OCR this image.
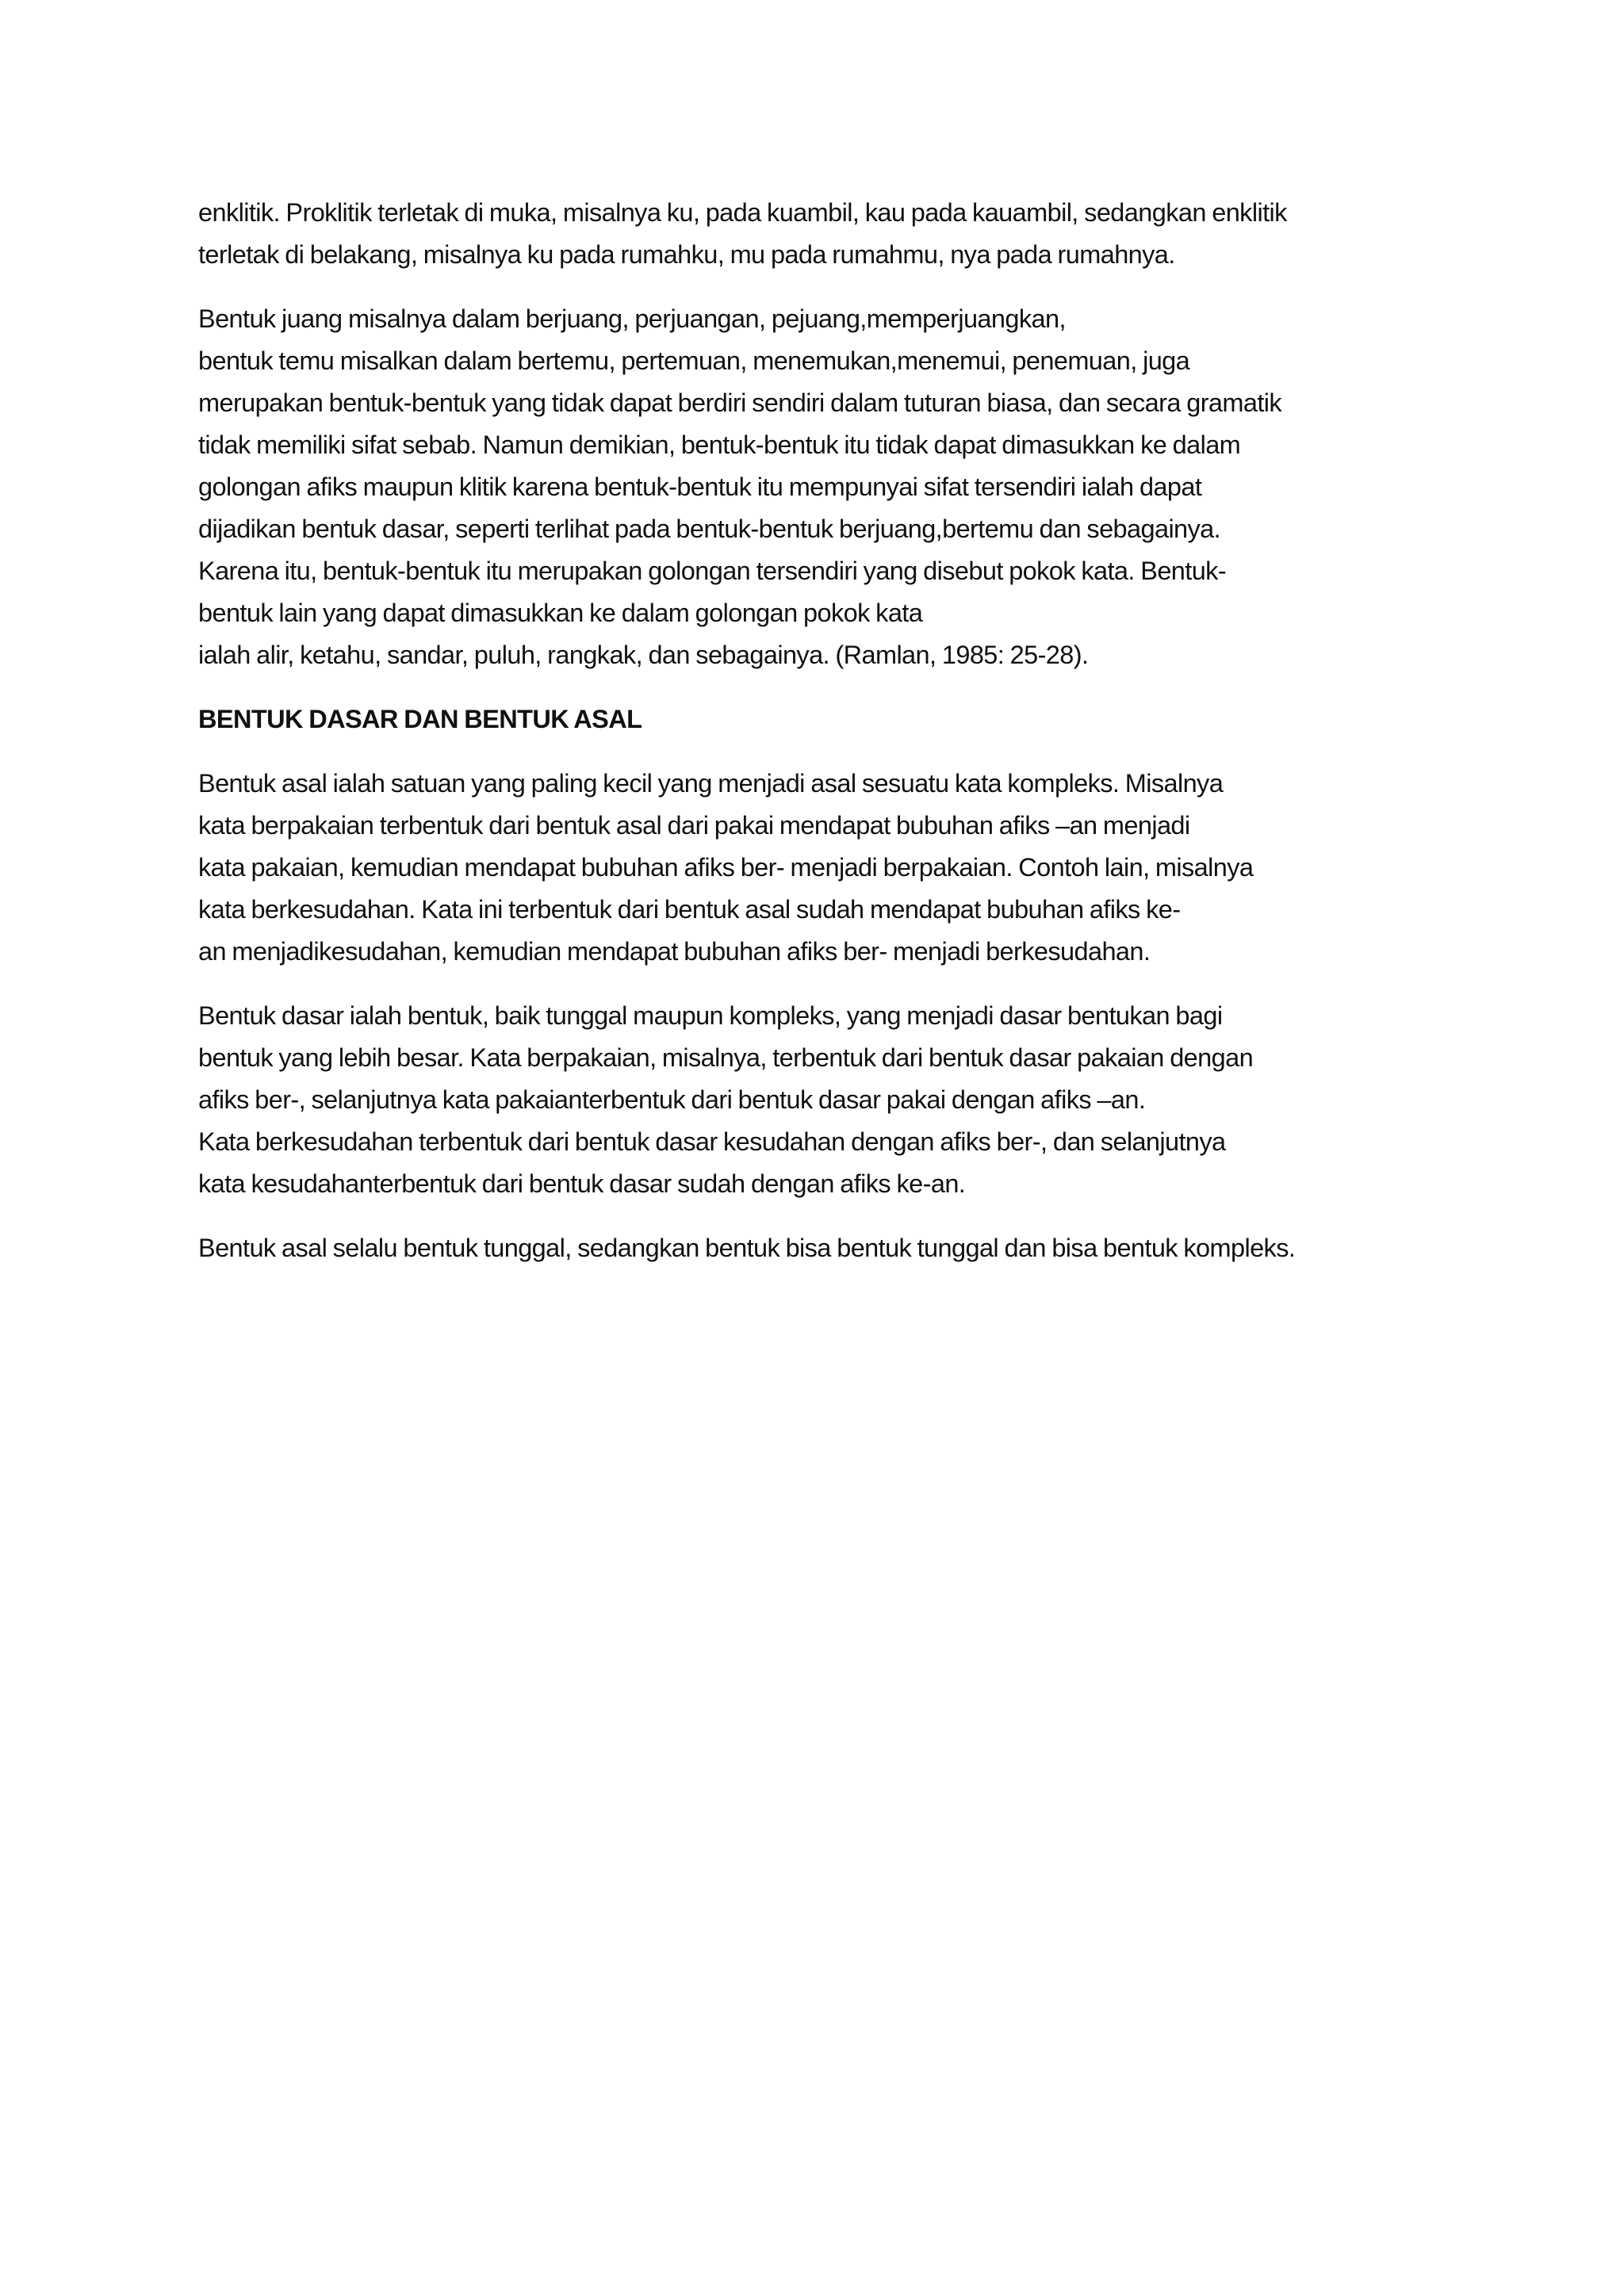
enklitik. Proklitik terletak di muka, misalnya ku, pada kuambil, kau pada kauambil, sedangkan enklitik
terletak di belakang, misalnya ku pada rumahku, mu pada rumahmu, nya pada rumahnya.

Bentuk juang misalnya dalam berjuang, perjuangan, pejuang,memperjuangkan,
bentuk temu misalkan dalam bertemu, pertemuan, menemukan,menemui, penemuan, juga
merupakan bentuk-bentuk yang tidak dapat berdiri sendiri dalam tuturan biasa, dan secara gramatik
tidak memiliki sifat sebab. Namun demikian, bentuk-bentuk itu tidak dapat dimasukkan ke dalam
golongan afiks maupun klitik karena bentuk-bentuk itu mempunyai sifat tersendiri ialah dapat
dijadikan bentuk dasar, seperti terlihat pada bentuk-bentuk berjuang,bertemu dan sebagainya.
Karena itu, bentuk-bentuk itu merupakan golongan tersendiri yang disebut pokok kata. Bentuk-
bentuk lain yang dapat dimasukkan ke dalam golongan pokok kata
ialah alir, ketahu, sandar, puluh, rangkak, dan sebagainya. (Ramlan, 1985: 25-28).

BENTUK DASAR DAN BENTUK ASAL

Bentuk asal ialah satuan yang paling kecil yang menjadi asal sesuatu kata kompleks. Misalnya
kata berpakaian terbentuk dari bentuk asal dari pakai mendapat bubuhan afiks –an menjadi
kata pakaian, kemudian mendapat bubuhan afiks ber- menjadi berpakaian. Contoh lain, misalnya
kata berkesudahan. Kata ini terbentuk dari bentuk asal sudah mendapat bubuhan afiks ke-
an menjadikesudahan, kemudian mendapat bubuhan afiks ber- menjadi berkesudahan.

Bentuk dasar ialah bentuk, baik tunggal maupun kompleks, yang menjadi dasar bentukan bagi
bentuk yang lebih besar. Kata berpakaian, misalnya, terbentuk dari bentuk dasar pakaian dengan
afiks ber-, selanjutnya kata pakaianterbentuk dari bentuk dasar pakai dengan afiks –an.
Kata berkesudahan terbentuk dari bentuk dasar kesudahan dengan afiks ber-, dan selanjutnya
kata kesudahanterbentuk dari bentuk dasar sudah dengan afiks ke-an.

Bentuk asal selalu bentuk tunggal, sedangkan bentuk bisa bentuk tunggal dan bisa bentuk kompleks.
